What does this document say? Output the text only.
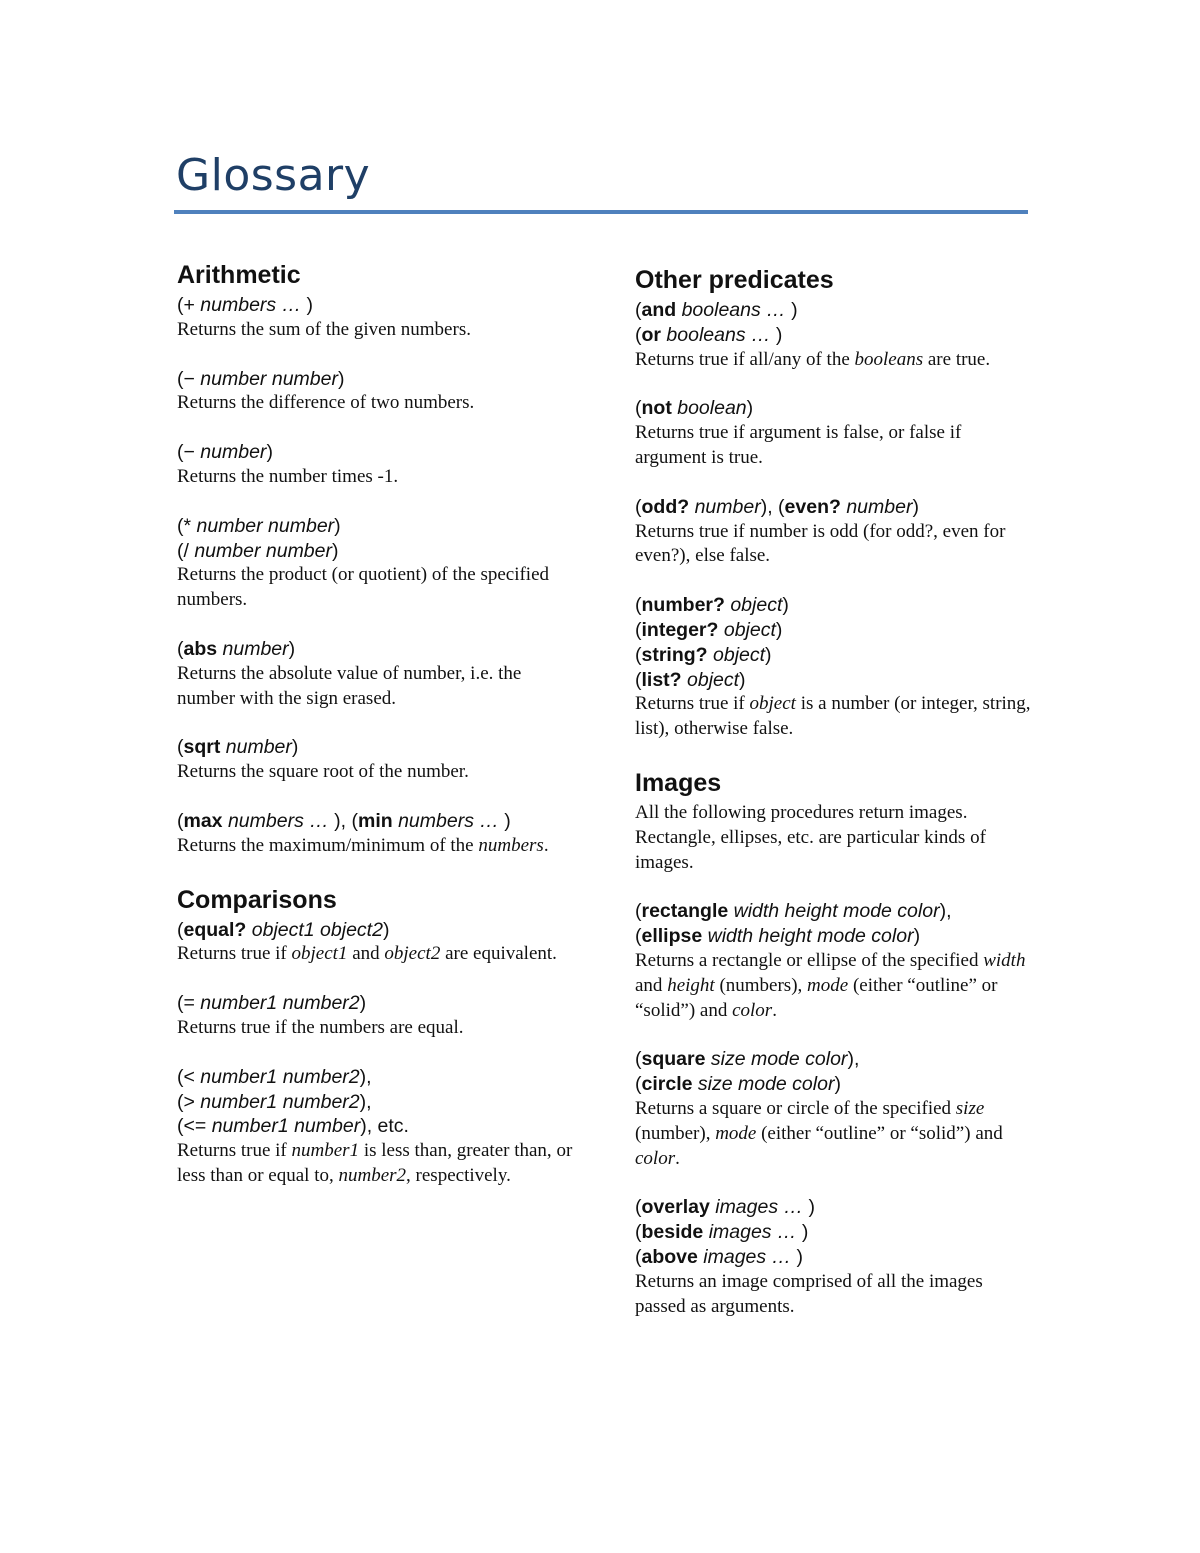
Glossary
Arithmetic
(+ numbers … )
Returns the sum of the given numbers.
(− number number)
Returns the difference of two numbers.
(− number)
Returns the number times -1.
(* number number)
(/ number number)
Returns the product (or quotient) of the specified numbers.
(abs number)
Returns the absolute value of number, i.e. the number with the sign erased.
(sqrt number)
Returns the square root of the number.
(max numbers … ), (min numbers … )
Returns the maximum/minimum of the numbers.
Comparisons
(equal? object1 object2)
Returns true if object1 and object2 are equivalent.
(= number1 number2)
Returns true if the numbers are equal.
(< number1 number2),
(> number1 number2),
(<= number1 number), etc.
Returns true if number1 is less than, greater than, or less than or equal to, number2, respectively.
Other predicates
(and booleans … )
(or booleans … )
Returns true if all/any of the booleans are true.
(not boolean)
Returns true if argument is false, or false if argument is true.
(odd? number), (even? number)
Returns true if number is odd (for odd?, even for even?), else false.
(number? object)
(integer? object)
(string? object)
(list? object)
Returns true if object is a number (or integer, string, list), otherwise false.
Images
All the following procedures return images. Rectangle, ellipses, etc. are particular kinds of images.
(rectangle width height mode color),
(ellipse width height mode color)
Returns a rectangle or ellipse of the specified width and height (numbers), mode (either “outline” or “solid”) and color.
(square size mode color),
(circle size mode color)
Returns a square or circle of the specified size (number), mode (either “outline” or “solid”) and color.
(overlay images … )
(beside images … )
(above images … )
Returns an image comprised of all the images passed as arguments.
